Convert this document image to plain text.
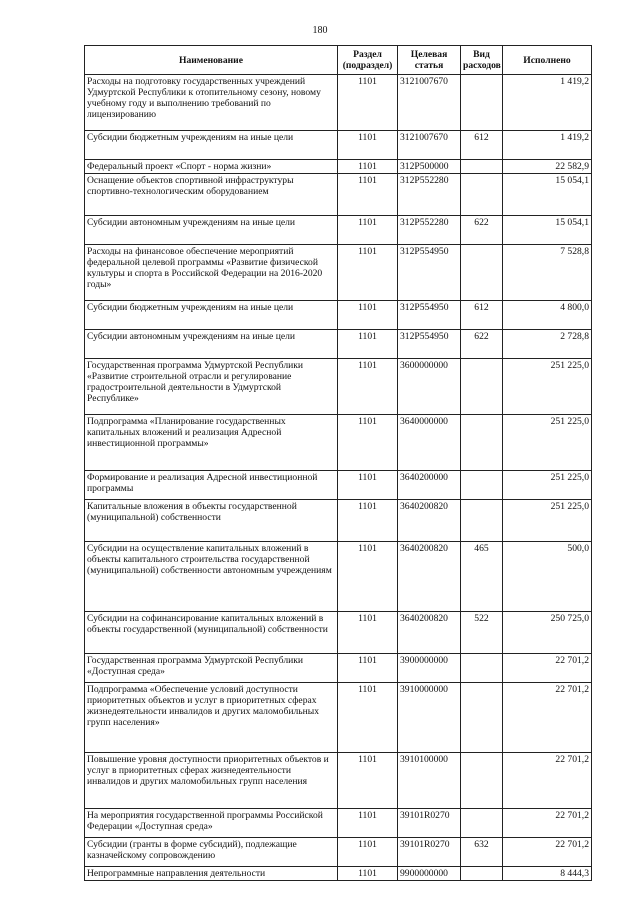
180
Наименование	Раздел (подраздел)	Целевая статья	Вид расходов	Исполнено
Расходы на подготовку государственных учреждений Удмуртской Республики к отопительному сезону, новому учебному году и выполнению требований по лицензированию	1101	3121007670		1 419,2
Субсидии бюджетным учреждениям на иные цели	1101	3121007670	612	1 419,2
Федеральный проект «Спорт - норма жизни»	1101	312P500000		22 582,9
Оснащение объектов спортивной инфраструктуры спортивно-технологическим оборудованием	1101	312P552280		15 054,1
Субсидии автономным учреждениям на иные цели	1101	312P552280	622	15 054,1
Расходы на финансовое обеспечение мероприятий федеральной целевой программы «Развитие физической культуры и спорта в Российской Федерации на 2016-2020 годы»	1101	312P554950		7 528,8
Субсидии бюджетным учреждениям на иные цели	1101	312P554950	612	4 800,0
Субсидии автономным учреждениям на иные цели	1101	312P554950	622	2 728,8
Государственная программа Удмуртской Республики «Развитие строительной отрасли и регулирование градостроительной деятельности в Удмуртской Республике»	1101	3600000000		251 225,0
Подпрограмма «Планирование государственных капитальных вложений и реализация Адресной инвестиционной программы»	1101	3640000000		251 225,0
Формирование и реализация Адресной инвестиционной программы	1101	3640200000		251 225,0
Капитальные вложения в объекты государственной (муниципальной) собственности	1101	3640200820		251 225,0
Субсидии на осуществление капитальных вложений в объекты капитального строительства государственной (муниципальной) собственности автономным учреждениям	1101	3640200820	465	500,0
Субсидии на софинансирование капитальных вложений в объекты государственной (муниципальной) собственности	1101	3640200820	522	250 725,0
Государственная программа Удмуртской Республики «Доступная среда»	1101	3900000000		22 701,2
Подпрограмма «Обеспечение условий доступности приоритетных объектов и услуг в приоритетных сферах жизнедеятельности инвалидов и других маломобильных групп населения»	1101	3910000000		22 701,2
Повышение уровня доступности приоритетных объектов и услуг в приоритетных сферах жизнедеятельности инвалидов и других маломобильных групп населения	1101	3910100000		22 701,2
На мероприятия государственной программы Российской Федерации «Доступная среда»	1101	39101R0270		22 701,2
Субсидии (гранты в форме субсидий), подлежащие казначейскому сопровождению	1101	39101R0270	632	22 701,2
Непрограммные направления деятельности	1101	9900000000		8 444,3
